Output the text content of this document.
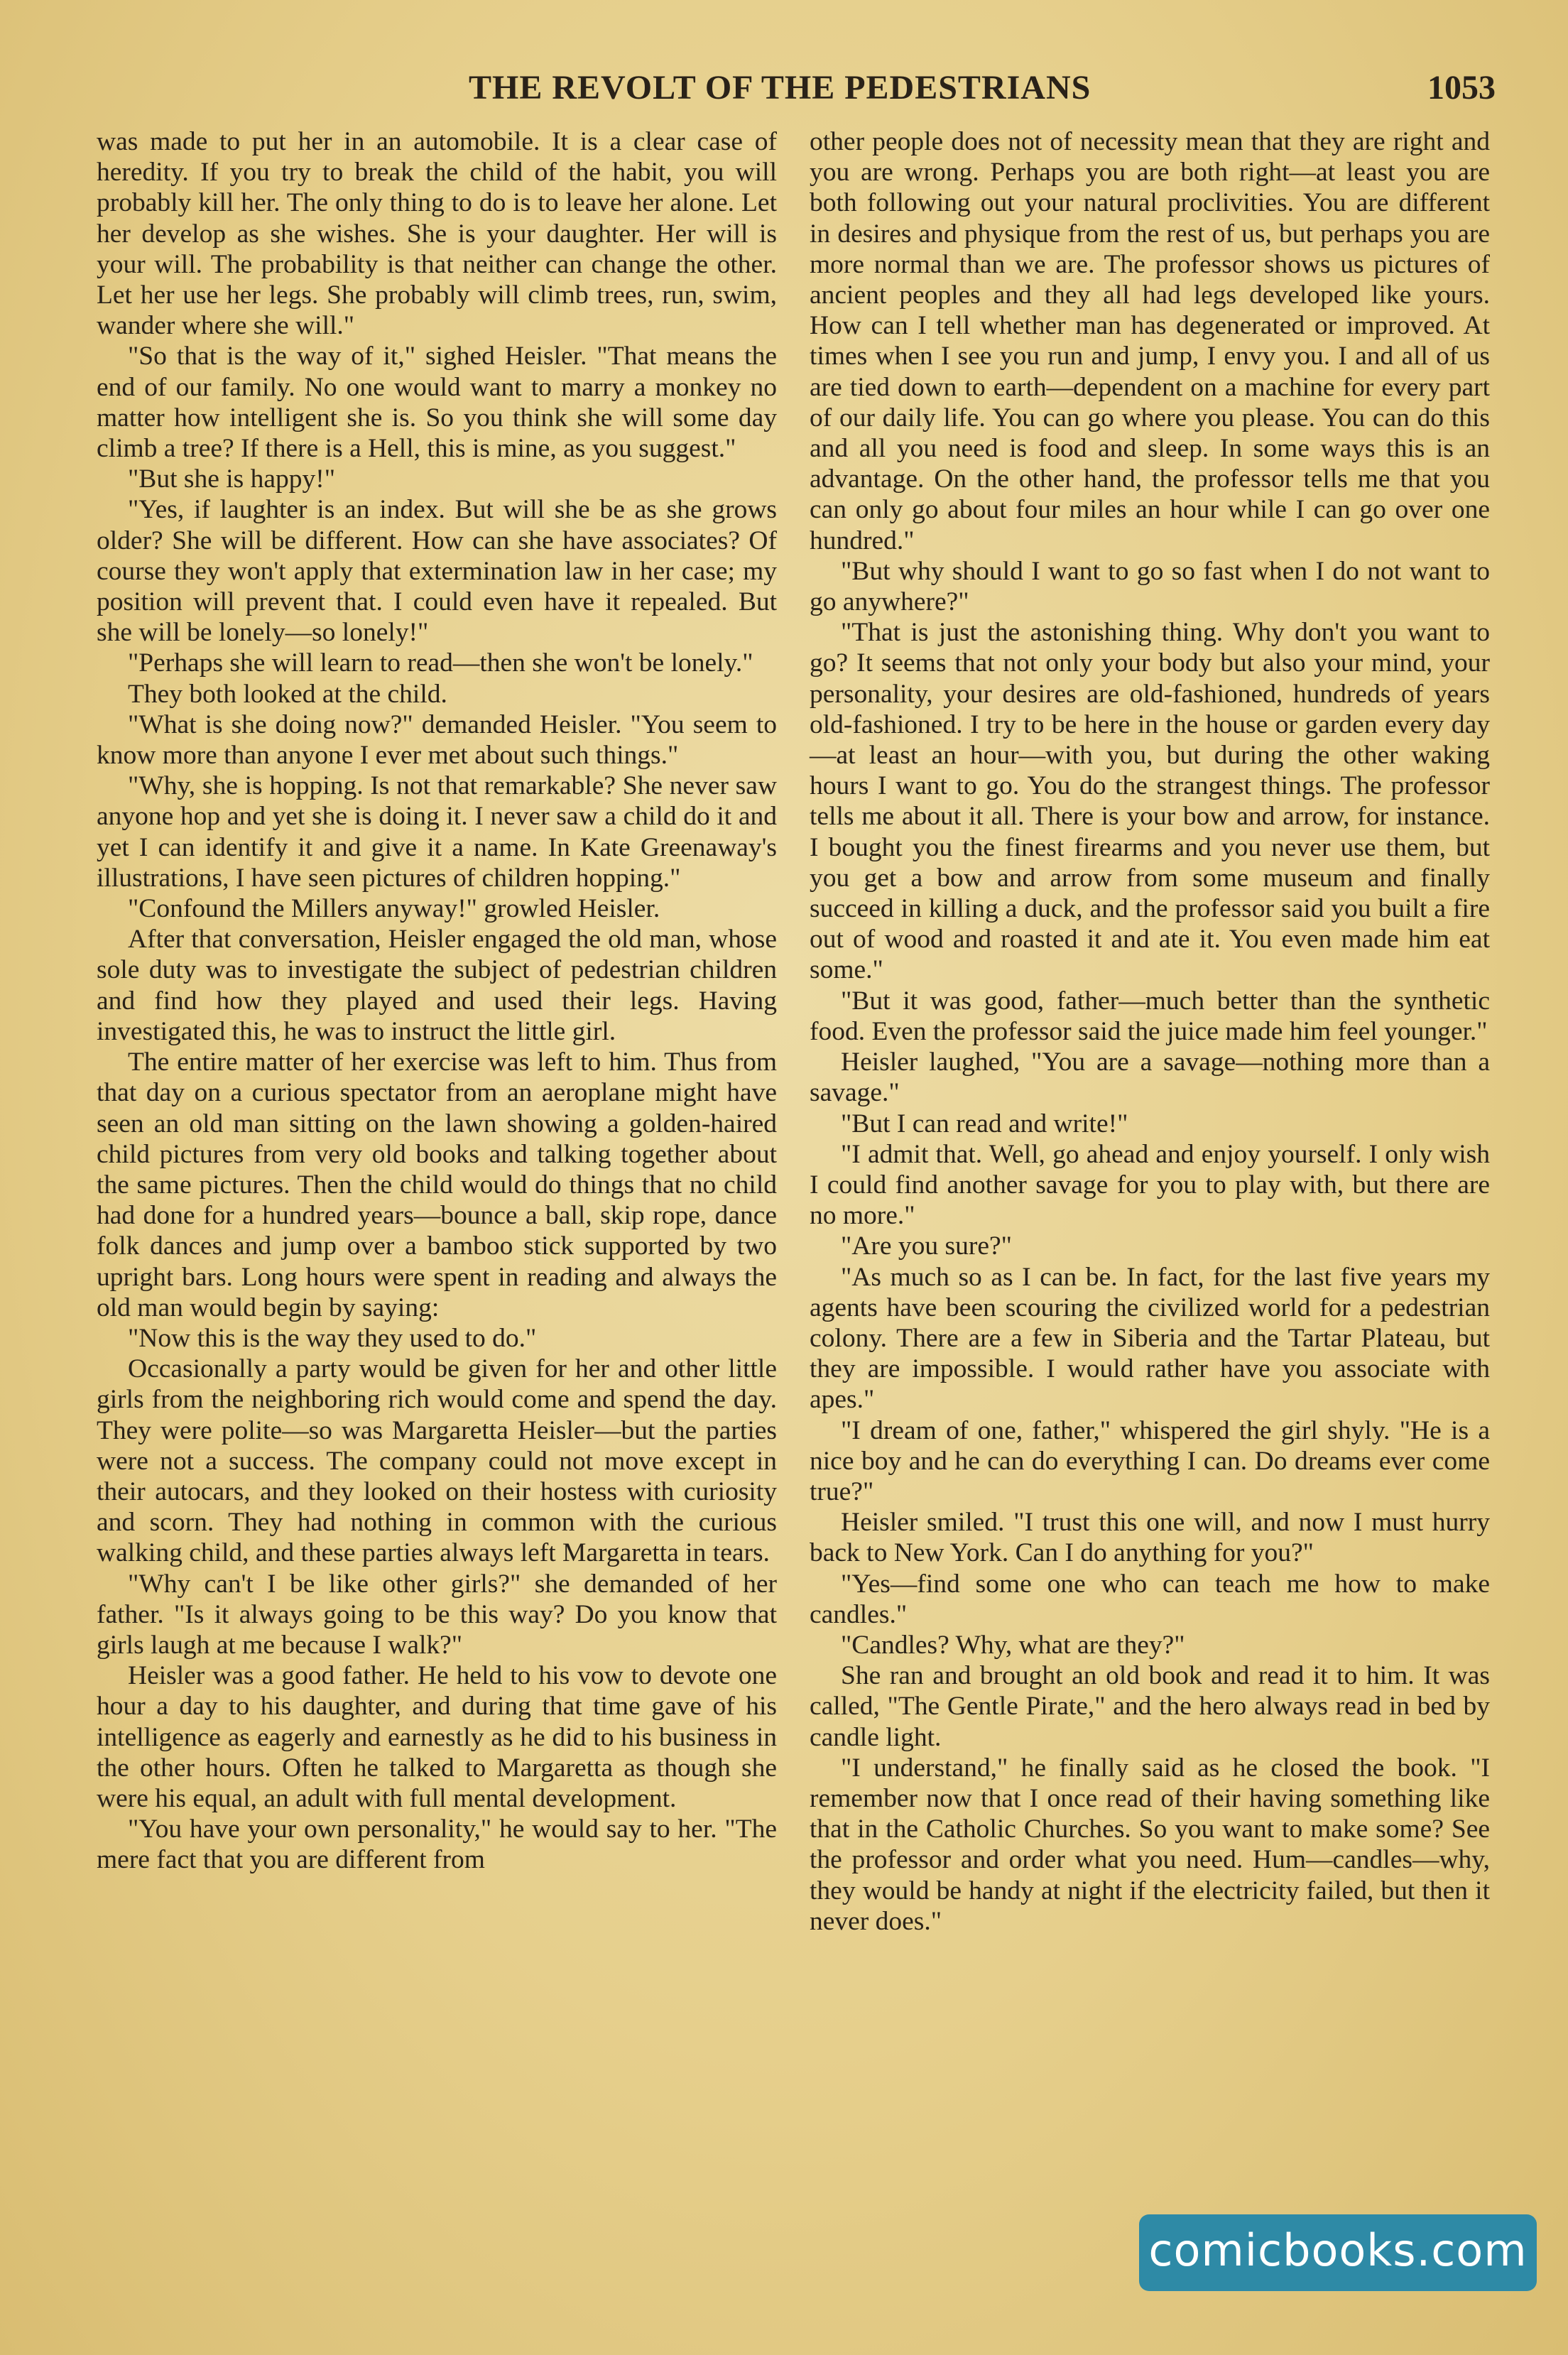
THE REVOLT OF THE PEDESTRIANS	1053

was made to put her in an automobile. It is a clear case of heredity. If you try to break the child of the habit, you will probably kill her. The only thing to do is to leave her alone. Let her develop as she wishes. She is your daughter. Her will is your will. The probability is that neither can change the other. Let her use her legs. She probably will climb trees, run, swim, wander where she will."

"So that is the way of it," sighed Heisler. "That means the end of our family. No one would want to marry a monkey no matter how intelligent she is. So you think she will some day climb a tree? If there is a Hell, this is mine, as you suggest."

"But she is happy!"

"Yes, if laughter is an index. But will she be as she grows older? She will be different. How can she have associates? Of course they won't apply that extermination law in her case; my position will prevent that. I could even have it repealed. But she will be lonely—so lonely!"

"Perhaps she will learn to read—then she won't be lonely."

They both looked at the child.

"What is she doing now?" demanded Heisler. "You seem to know more than anyone I ever met about such things."

"Why, she is hopping. Is not that remarkable? She never saw anyone hop and yet she is doing it. I never saw a child do it and yet I can identify it and give it a name. In Kate Greenaway's illustrations, I have seen pictures of children hopping."

"Confound the Millers anyway!" growled Heisler.

After that conversation, Heisler engaged the old man, whose sole duty was to investigate the subject of pedestrian children and find how they played and used their legs. Having investigated this, he was to instruct the little girl.

The entire matter of her exercise was left to him. Thus from that day on a curious spectator from an aeroplane might have seen an old man sitting on the lawn showing a golden-haired child pictures from very old books and talking together about the same pictures. Then the child would do things that no child had done for a hundred years—bounce a ball, skip rope, dance folk dances and jump over a bamboo stick supported by two upright bars. Long hours were spent in reading and always the old man would begin by saying:

"Now this is the way they used to do."

Occasionally a party would be given for her and other little girls from the neighboring rich would come and spend the day. They were polite—so was Margaretta Heisler—but the parties were not a success. The company could not move except in their autocars, and they looked on their hostess with curiosity and scorn. They had nothing in common with the curious walking child, and these parties always left Margaretta in tears.

"Why can't I be like other girls?" she demanded of her father. "Is it always going to be this way? Do you know that girls laugh at me because I walk?"

Heisler was a good father. He held to his vow to devote one hour a day to his daughter, and during that time gave of his intelligence as eagerly and earnestly as he did to his business in the other hours. Often he talked to Margaretta as though she were his equal, an adult with full mental development.

"You have your own personality," he would say to her. "The mere fact that you are different from

other people does not of necessity mean that they are right and you are wrong. Perhaps you are both right—at least you are both following out your natural proclivities. You are different in desires and physique from the rest of us, but perhaps you are more normal than we are. The professor shows us pictures of ancient peoples and they all had legs developed like yours. How can I tell whether man has degenerated or improved. At times when I see you run and jump, I envy you. I and all of us are tied down to earth—dependent on a machine for every part of our daily life. You can go where you please. You can do this and all you need is food and sleep. In some ways this is an advantage. On the other hand, the professor tells me that you can only go about four miles an hour while I can go over one hundred."

"But why should I want to go so fast when I do not want to go anywhere?"

"That is just the astonishing thing. Why don't you want to go? It seems that not only your body but also your mind, your personality, your desires are old-fashioned, hundreds of years old-fashioned. I try to be here in the house or garden every day—at least an hour—with you, but during the other waking hours I want to go. You do the strangest things. The professor tells me about it all. There is your bow and arrow, for instance. I bought you the finest firearms and you never use them, but you get a bow and arrow from some museum and finally succeed in killing a duck, and the professor said you built a fire out of wood and roasted it and ate it. You even made him eat some."

"But it was good, father—much better than the synthetic food. Even the professor said the juice made him feel younger."

Heisler laughed, "You are a savage—nothing more than a savage."

"But I can read and write!"

"I admit that. Well, go ahead and enjoy yourself. I only wish I could find another savage for you to play with, but there are no more."

"Are you sure?"

"As much so as I can be. In fact, for the last five years my agents have been scouring the civilized world for a pedestrian colony. There are a few in Siberia and the Tartar Plateau, but they are impossible. I would rather have you associate with apes."

"I dream of one, father," whispered the girl shyly. "He is a nice boy and he can do everything I can. Do dreams ever come true?"

Heisler smiled. "I trust this one will, and now I must hurry back to New York. Can I do anything for you?"

"Yes—find some one who can teach me how to make candles."

"Candles? Why, what are they?"

She ran and brought an old book and read it to him. It was called, "The Gentle Pirate," and the hero always read in bed by candle light.

"I understand," he finally said as he closed the book. "I remember now that I once read of their having something like that in the Catholic Churches. So you want to make some? See the professor and order what you need. Hum—candles—why, they would be handy at night if the electricity failed, but then it never does."

comicbooks.com
